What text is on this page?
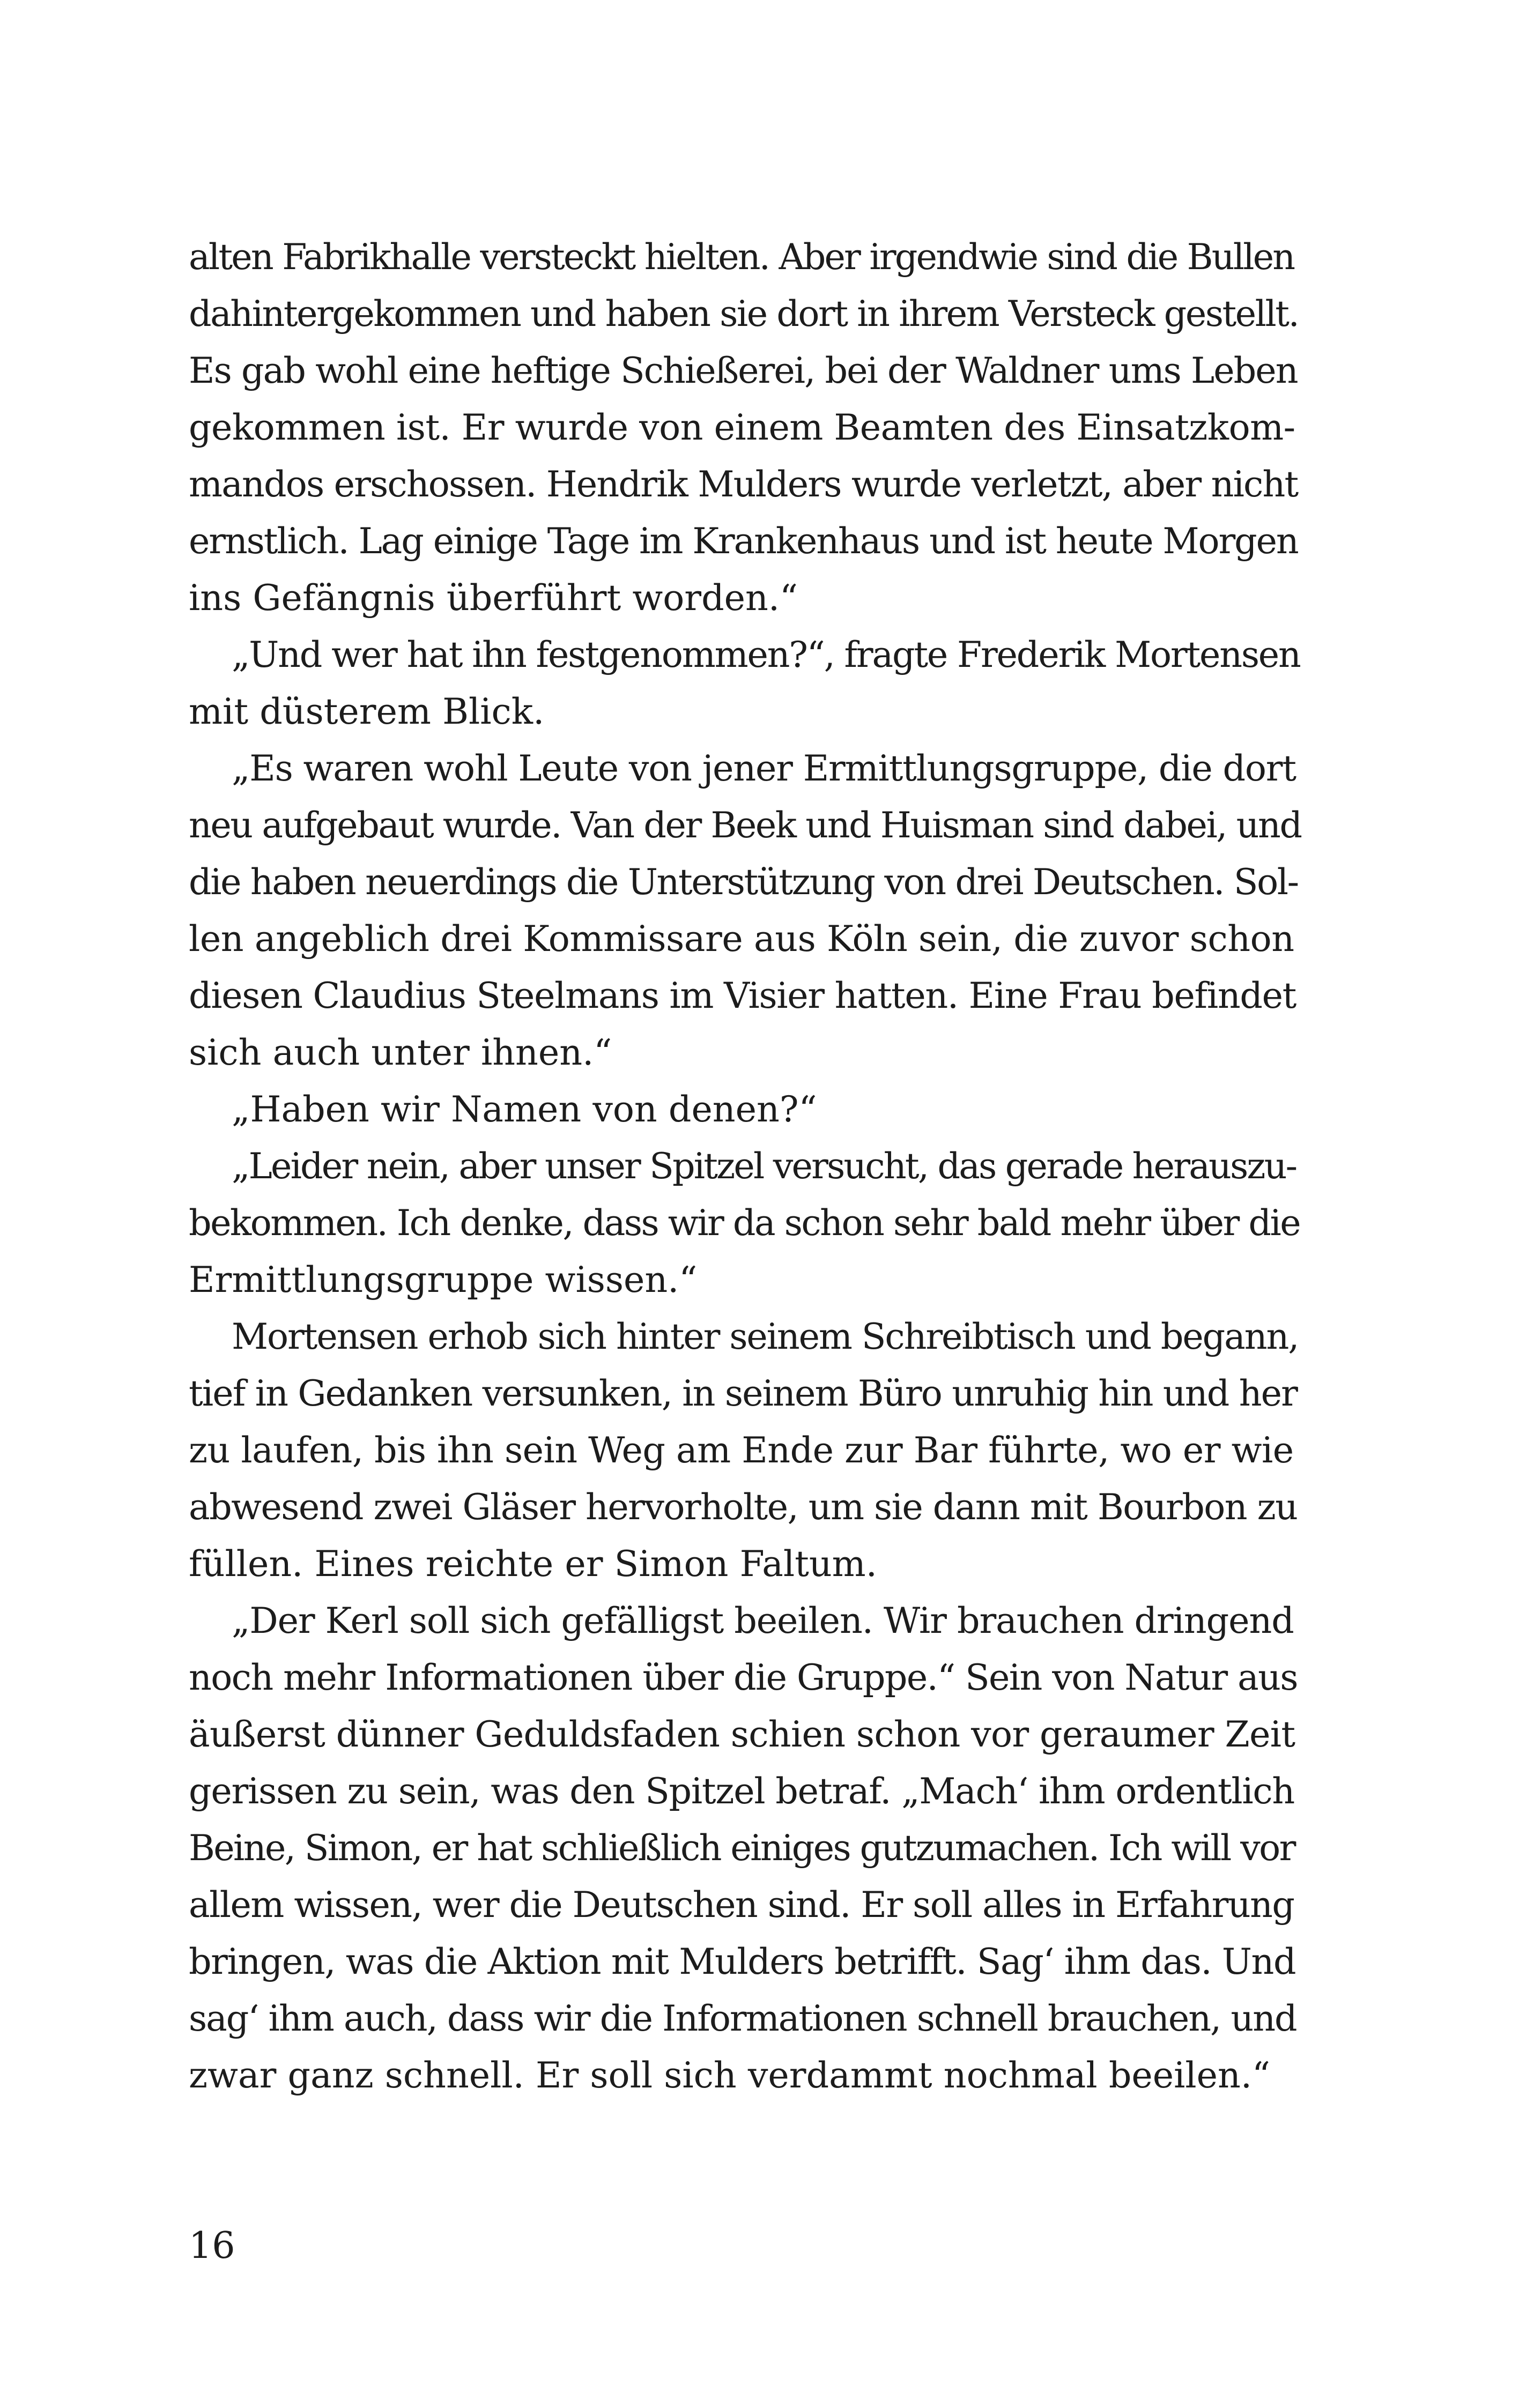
alten Fabrikhalle versteckt hielten. Aber irgendwie sind die Bullen
dahintergekommen und haben sie dort in ihrem Versteck gestellt.
Es gab wohl eine heftige Schießerei, bei der Waldner ums Leben
gekommen ist. Er wurde von einem Beamten des Einsatzkom-
mandos erschossen. Hendrik Mulders wurde verletzt, aber nicht
ernstlich. Lag einige Tage im Krankenhaus und ist heute Morgen
ins Gefängnis überführt worden.“
„Und wer hat ihn festgenommen?“, fragte Frederik Mortensen
mit düsterem Blick.
„Es waren wohl Leute von jener Ermittlungsgruppe, die dort
neu aufgebaut wurde. Van der Beek und Huisman sind dabei, und
die haben neuerdings die Unterstützung von drei Deutschen. Sol-
len angeblich drei Kommissare aus Köln sein, die zuvor schon
diesen Claudius Steelmans im Visier hatten. Eine Frau befindet
sich auch unter ihnen.“
„Haben wir Namen von denen?“
„Leider nein, aber unser Spitzel versucht, das gerade herauszu-
bekommen. Ich denke, dass wir da schon sehr bald mehr über die
Ermittlungsgruppe wissen.“
Mortensen erhob sich hinter seinem Schreibtisch und begann,
tief in Gedanken versunken, in seinem Büro unruhig hin und her
zu laufen, bis ihn sein Weg am Ende zur Bar führte, wo er wie
abwesend zwei Gläser hervorholte, um sie dann mit Bourbon zu
füllen. Eines reichte er Simon Faltum.
„Der Kerl soll sich gefälligst beeilen. Wir brauchen dringend
noch mehr Informationen über die Gruppe.“ Sein von Natur aus
äußerst dünner Geduldsfaden schien schon vor geraumer Zeit
gerissen zu sein, was den Spitzel betraf. „Mach‘ ihm ordentlich
Beine, Simon, er hat schließlich einiges gutzumachen. Ich will vor
allem wissen, wer die Deutschen sind. Er soll alles in Erfahrung
bringen, was die Aktion mit Mulders betrifft. Sag‘ ihm das. Und
sag‘ ihm auch, dass wir die Informationen schnell brauchen, und
zwar ganz schnell. Er soll sich verdammt nochmal beeilen.“
16
